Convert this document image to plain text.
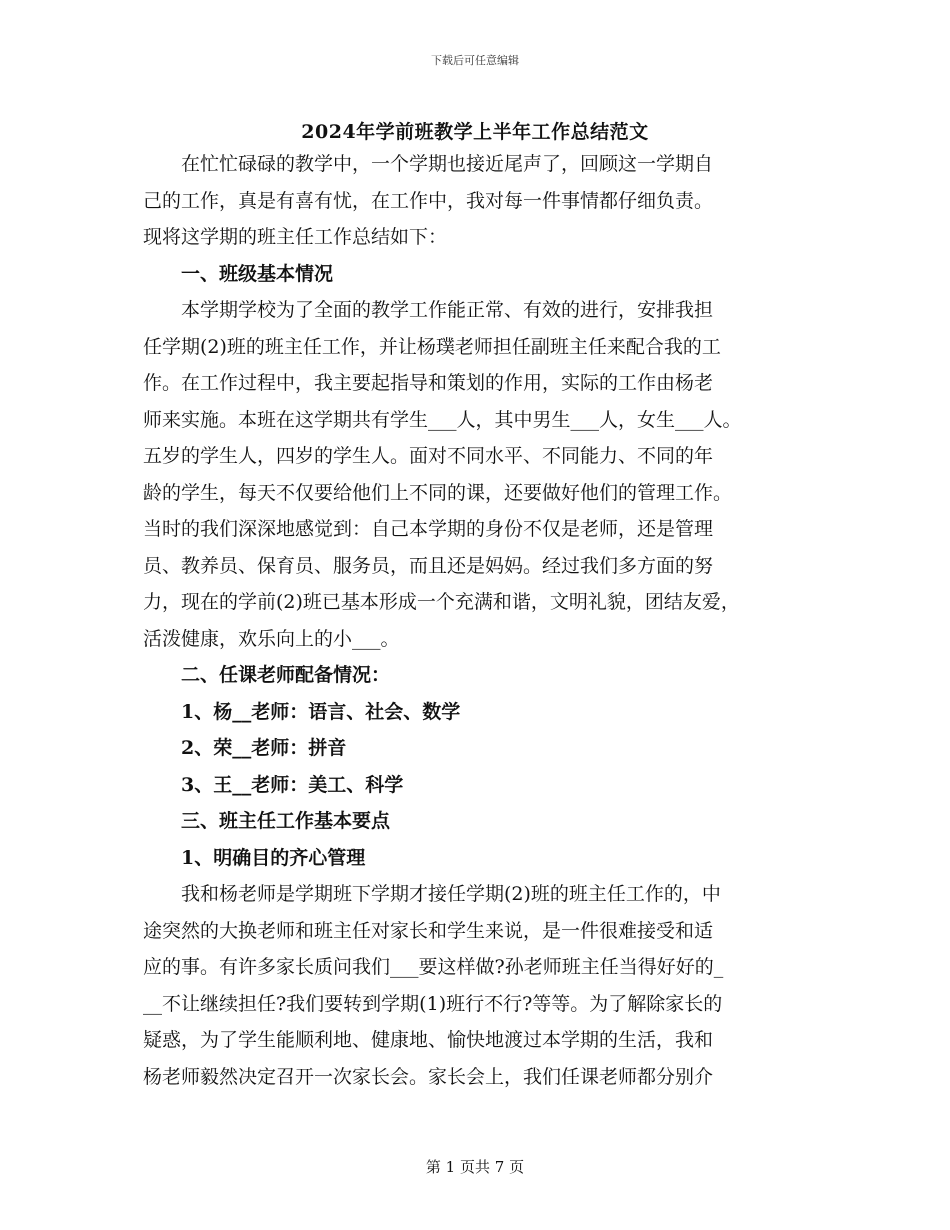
下载后可任意编辑
2024年学前班教学上半年工作总结范文

在忙忙碌碌的教学中，一个学期也接近尾声了，回顾这一学期自
己的工作，真是有喜有忧，在工作中，我对每一件事情都仔细负责。
现将这学期的班主任工作总结如下：

一、班级基本情况

本学期学校为了全面的教学工作能正常、有效的进行，安排我担
任学期(2)班的班主任工作，并让杨璞老师担任副班主任来配合我的工
作。在工作过程中，我主要起指导和策划的作用，实际的工作由杨老
师来实施。本班在这学期共有学生___人，其中男生___人，女生___人。
五岁的学生人，四岁的学生人。面对不同水平、不同能力、不同的年
龄的学生，每天不仅要给他们上不同的课，还要做好他们的管理工作。
当时的我们深深地感觉到：自己本学期的身份不仅是老师，还是管理
员、教养员、保育员、服务员，而且还是妈妈。经过我们多方面的努
力，现在的学前(2)班已基本形成一个充满和谐，文明礼貌，团结友爱，
活泼健康，欢乐向上的小___。

二、任课老师配备情况：

1、杨__老师：语言、社会、数学

2、荣__老师：拼音

3、王__老师：美工、科学

三、班主任工作基本要点

1、明确目的齐心管理

我和杨老师是学期班下学期才接任学期(2)班的班主任工作的，中
途突然的大换老师和班主任对家长和学生来说，是一件很难接受和适
应的事。有许多家长质问我们___要这样做?孙老师班主任当得好好的_
__不让继续担任?我们要转到学期(1)班行不行?等等。为了解除家长的
疑惑，为了学生能顺利地、健康地、愉快地渡过本学期的生活，我和
杨老师毅然决定召开一次家长会。家长会上，我们任课老师都分别介

第 1 页共 7 页
